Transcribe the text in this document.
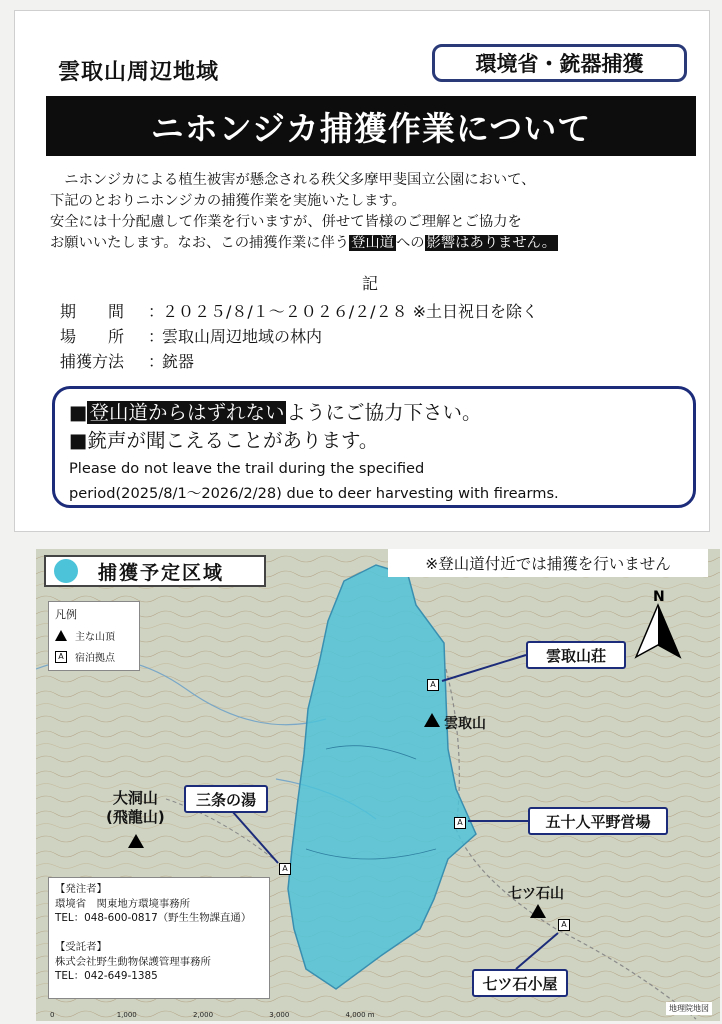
雲取山周辺地域	環境省・銃器捕獲
ニホンジカ捕獲作業について
　ニホンジカによる植生被害が懸念される秩父多摩甲斐国立公園において、
下記のとおりニホンジカの捕獲作業を実施いたします。
安全には十分配慮して作業を行いますが、併せて皆様のご理解とご協力を
お願いいたします。なお、この捕獲作業に伴う 登山道 への 影響はありません。
記
期　　間	：
２０２５/８/１～２０２６/２/２８ ※土日祝日を除く
場　　所	：
雲取山周辺地域の林内
捕獲方法	：
銃器
■ 登山道からはずれない ようにご協力下さい。
■銃声が聞こえることがあります。
Please do not leave the trail during the specified
period(2025/8/1～2026/2/28) due to deer harvesting with firearms.
捕獲予定区域	※登山道付近では捕獲を行いません
凡例
主な山頂
A	宿泊拠点
N
雲取山
大洞山
(飛龍山)
七ツ石山
A
A
A
A
雲取山荘
三条の湯
五十人平野営場
七ツ石小屋
【発注者】
環境省　関東地方環境事務所
TEL：048-600-0817（野生生物課直通）

【受託者】
株式会社野生動物保護管理事務所
TEL：042-649-1385
0	1,000	2,000	3,000	4,000 m
地理院地図
